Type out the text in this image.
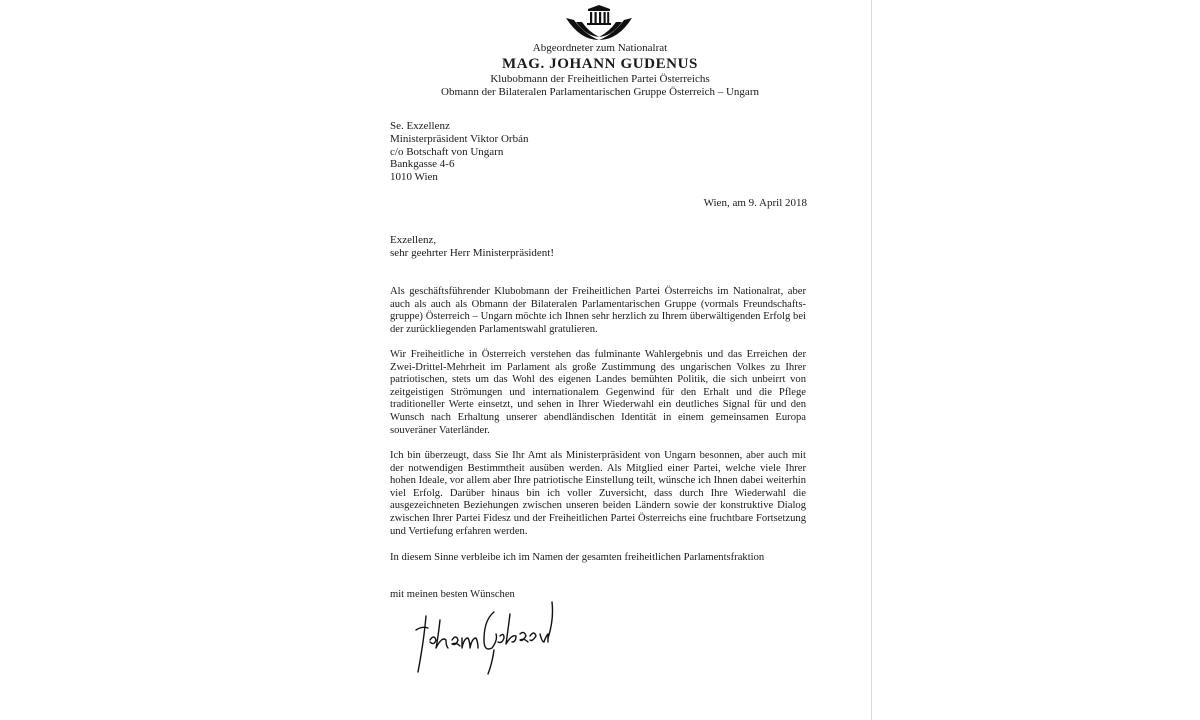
Abgeordneter zum Nationalrat
MAG. JOHANN GUDENUS
Klubobmann der Freiheitlichen Partei Österreichs
Obmann der Bilateralen Parlamentarischen Gruppe Österreich – Ungarn
Se. Exzellenz
Ministerpräsident Viktor Orbán
c/o Botschaft von Ungarn
Bankgasse 4-6
1010 Wien
Wien, am 9. April 2018
Exzellenz,
sehr geehrter Herr Ministerpräsident!

Als geschäftsführender Klubobmann der Freiheitlichen Partei Österreichs im Nationalrat, aber auch als auch als Obmann der Bilateralen Parlamentarischen Gruppe (vormals Freundschafts-gruppe) Österreich – Ungarn möchte ich Ihnen sehr herzlich zu Ihrem überwältigenden Erfolg bei der zurückliegenden Parlamentswahl gratulieren.

Wir Freiheitliche in Österreich verstehen das fulminante Wahlergebnis und das Erreichen der Zwei-Drittel-Mehrheit im Parlament als große Zustimmung des ungarischen Volkes zu Ihrer patriotischen, stets um das Wohl des eigenen Landes bemühten Politik, die sich unbeirrt von zeitgeistigen Strömungen und internationalem Gegenwind für den Erhalt und die Pflege traditioneller Werte einsetzt, und sehen in Ihrer Wiederwahl ein deutliches Signal für und den Wunsch nach Erhaltung unserer abendländischen Identität in einem gemeinsamen Europa souveräner Vaterländer.

Ich bin überzeugt, dass Sie Ihr Amt als Ministerpräsident von Ungarn besonnen, aber auch mit der notwendigen Bestimmtheit ausüben werden. Als Mitglied einer Partei, welche viele Ihrer hohen Ideale, vor allem aber Ihre patriotische Einstellung teilt, wünsche ich Ihnen dabei weiterhin viel Erfolg. Darüber hinaus bin ich voller Zuversicht, dass durch Ihre Wiederwahl die ausgezeichneten Beziehungen zwischen unseren beiden Ländern sowie der konstruktive Dialog zwischen Ihrer Partei Fidesz und der Freiheitlichen Partei Österreichs eine fruchtbare Fortsetzung und Vertiefung erfahren werden.

In diesem Sinne verbleibe ich im Namen der gesamten freiheitlichen Parlamentsfraktion

mit meinen besten Wünschen
